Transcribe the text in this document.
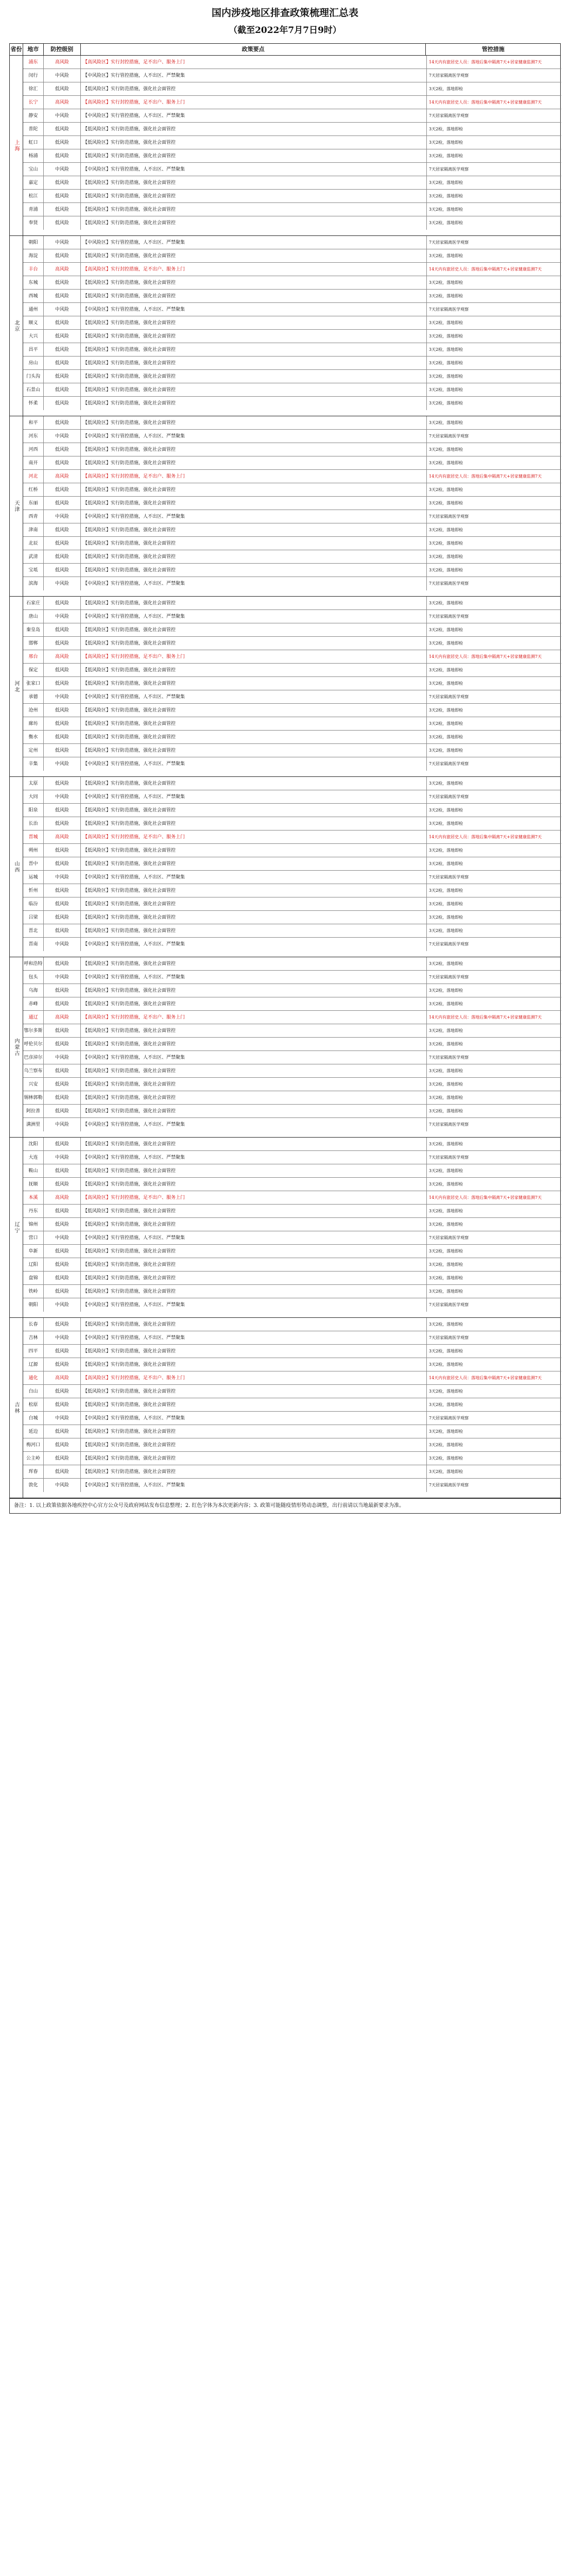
国内涉疫地区排查政策梳理汇总表
（截至2022年7月7日9时）
省份 地市	防控级别	政策要点	管控措施
上海
浦东	高风险	【高风险区】实行封控措施，足不出户、服务上门	14天内有旅居史人员：落地后集中隔离7天+居家健康监测7天
闵行	中风险	【中风险区】实行管控措施，人不出区、严禁聚集	7天居家隔离医学观察
徐汇	低风险	【低风险区】实行防范措施，强化社会面管控	3天2检，落地即检
长宁	高风险	【高风险区】实行封控措施，足不出户、服务上门	14天内有旅居史人员：落地后集中隔离7天+居家健康监测7天
静安	中风险	【中风险区】实行管控措施，人不出区、严禁聚集	7天居家隔离医学观察
普陀	低风险	【低风险区】实行防范措施，强化社会面管控	3天2检，落地即检
虹口	低风险	【低风险区】实行防范措施，强化社会面管控	3天2检，落地即检
杨浦	低风险	【低风险区】实行防范措施，强化社会面管控	3天2检，落地即检
宝山	中风险	【中风险区】实行管控措施，人不出区、严禁聚集	7天居家隔离医学观察
嘉定	低风险	【低风险区】实行防范措施，强化社会面管控	3天2检，落地即检
松江	低风险	【低风险区】实行防范措施，强化社会面管控	3天2检，落地即检
青浦	低风险	【低风险区】实行防范措施，强化社会面管控	3天2检，落地即检
奉贤	低风险	【低风险区】实行防范措施，强化社会面管控	3天2检，落地即检
北京
朝阳	中风险	【中风险区】实行管控措施，人不出区、严禁聚集	7天居家隔离医学观察
海淀	低风险	【低风险区】实行防范措施，强化社会面管控	3天2检，落地即检
丰台	高风险	【高风险区】实行封控措施，足不出户、服务上门	14天内有旅居史人员：落地后集中隔离7天+居家健康监测7天
东城	低风险	【低风险区】实行防范措施，强化社会面管控	3天2检，落地即检
西城	低风险	【低风险区】实行防范措施，强化社会面管控	3天2检，落地即检
通州	中风险	【中风险区】实行管控措施，人不出区、严禁聚集	7天居家隔离医学观察
顺义	低风险	【低风险区】实行防范措施，强化社会面管控	3天2检，落地即检
大兴	低风险	【低风险区】实行防范措施，强化社会面管控	3天2检，落地即检
昌平	低风险	【低风险区】实行防范措施，强化社会面管控	3天2检，落地即检
房山	低风险	【低风险区】实行防范措施，强化社会面管控	3天2检，落地即检
门头沟	低风险	【低风险区】实行防范措施，强化社会面管控	3天2检，落地即检
石景山	低风险	【低风险区】实行防范措施，强化社会面管控	3天2检，落地即检
怀柔	低风险	【低风险区】实行防范措施，强化社会面管控	3天2检，落地即检
天津
和平	低风险	【低风险区】实行防范措施，强化社会面管控	3天2检，落地即检
河东	中风险	【中风险区】实行管控措施，人不出区、严禁聚集	7天居家隔离医学观察
河西	低风险	【低风险区】实行防范措施，强化社会面管控	3天2检，落地即检
南开	低风险	【低风险区】实行防范措施，强化社会面管控	3天2检，落地即检
河北	高风险	【高风险区】实行封控措施，足不出户、服务上门	14天内有旅居史人员：落地后集中隔离7天+居家健康监测7天
红桥	低风险	【低风险区】实行防范措施，强化社会面管控	3天2检，落地即检
东丽	低风险	【低风险区】实行防范措施，强化社会面管控	3天2检，落地即检
西青	中风险	【中风险区】实行管控措施，人不出区、严禁聚集	7天居家隔离医学观察
津南	低风险	【低风险区】实行防范措施，强化社会面管控	3天2检，落地即检
北辰	低风险	【低风险区】实行防范措施，强化社会面管控	3天2检，落地即检
武清	低风险	【低风险区】实行防范措施，强化社会面管控	3天2检，落地即检
宝坻	低风险	【低风险区】实行防范措施，强化社会面管控	3天2检，落地即检
滨海	中风险	【中风险区】实行管控措施，人不出区、严禁聚集	7天居家隔离医学观察
河北
石家庄	低风险	【低风险区】实行防范措施，强化社会面管控	3天2检，落地即检
唐山	中风险	【中风险区】实行管控措施，人不出区、严禁聚集	7天居家隔离医学观察
秦皇岛	低风险	【低风险区】实行防范措施，强化社会面管控	3天2检，落地即检
邯郸	低风险	【低风险区】实行防范措施，强化社会面管控	3天2检，落地即检
邢台	高风险	【高风险区】实行封控措施，足不出户、服务上门	14天内有旅居史人员：落地后集中隔离7天+居家健康监测7天
保定	低风险	【低风险区】实行防范措施，强化社会面管控	3天2检，落地即检
张家口	低风险	【低风险区】实行防范措施，强化社会面管控	3天2检，落地即检
承德	中风险	【中风险区】实行管控措施，人不出区、严禁聚集	7天居家隔离医学观察
沧州	低风险	【低风险区】实行防范措施，强化社会面管控	3天2检，落地即检
廊坊	低风险	【低风险区】实行防范措施，强化社会面管控	3天2检，落地即检
衡水	低风险	【低风险区】实行防范措施，强化社会面管控	3天2检，落地即检
定州	低风险	【低风险区】实行防范措施，强化社会面管控	3天2检，落地即检
辛集	中风险	【中风险区】实行管控措施，人不出区、严禁聚集	7天居家隔离医学观察
山西
太原	低风险	【低风险区】实行防范措施，强化社会面管控	3天2检，落地即检
大同	中风险	【中风险区】实行管控措施，人不出区、严禁聚集	7天居家隔离医学观察
阳泉	低风险	【低风险区】实行防范措施，强化社会面管控	3天2检，落地即检
长治	低风险	【低风险区】实行防范措施，强化社会面管控	3天2检，落地即检
晋城	高风险	【高风险区】实行封控措施，足不出户、服务上门	14天内有旅居史人员：落地后集中隔离7天+居家健康监测7天
朔州	低风险	【低风险区】实行防范措施，强化社会面管控	3天2检，落地即检
晋中	低风险	【低风险区】实行防范措施，强化社会面管控	3天2检，落地即检
运城	中风险	【中风险区】实行管控措施，人不出区、严禁聚集	7天居家隔离医学观察
忻州	低风险	【低风险区】实行防范措施，强化社会面管控	3天2检，落地即检
临汾	低风险	【低风险区】实行防范措施，强化社会面管控	3天2检，落地即检
吕梁	低风险	【低风险区】实行防范措施，强化社会面管控	3天2检，落地即检
晋北	低风险	【低风险区】实行防范措施，强化社会面管控	3天2检，落地即检
晋南	中风险	【中风险区】实行管控措施，人不出区、严禁聚集	7天居家隔离医学观察
内蒙古
呼和浩特	低风险	【低风险区】实行防范措施，强化社会面管控	3天2检，落地即检
包头	中风险	【中风险区】实行管控措施，人不出区、严禁聚集	7天居家隔离医学观察
乌海	低风险	【低风险区】实行防范措施，强化社会面管控	3天2检，落地即检
赤峰	低风险	【低风险区】实行防范措施，强化社会面管控	3天2检，落地即检
通辽	高风险	【高风险区】实行封控措施，足不出户、服务上门	14天内有旅居史人员：落地后集中隔离7天+居家健康监测7天
鄂尔多斯	低风险	【低风险区】实行防范措施，强化社会面管控	3天2检，落地即检
呼伦贝尔	低风险	【低风险区】实行防范措施，强化社会面管控	3天2检，落地即检
巴彦淖尔	中风险	【中风险区】实行管控措施，人不出区、严禁聚集	7天居家隔离医学观察
乌兰察布	低风险	【低风险区】实行防范措施，强化社会面管控	3天2检，落地即检
兴安	低风险	【低风险区】实行防范措施，强化社会面管控	3天2检，落地即检
锡林郭勒	低风险	【低风险区】实行防范措施，强化社会面管控	3天2检，落地即检
阿拉善	低风险	【低风险区】实行防范措施，强化社会面管控	3天2检，落地即检
满洲里	中风险	【中风险区】实行管控措施，人不出区、严禁聚集	7天居家隔离医学观察
辽宁
沈阳	低风险	【低风险区】实行防范措施，强化社会面管控	3天2检，落地即检
大连	中风险	【中风险区】实行管控措施，人不出区、严禁聚集	7天居家隔离医学观察
鞍山	低风险	【低风险区】实行防范措施，强化社会面管控	3天2检，落地即检
抚顺	低风险	【低风险区】实行防范措施，强化社会面管控	3天2检，落地即检
本溪	高风险	【高风险区】实行封控措施，足不出户、服务上门	14天内有旅居史人员：落地后集中隔离7天+居家健康监测7天
丹东	低风险	【低风险区】实行防范措施，强化社会面管控	3天2检，落地即检
锦州	低风险	【低风险区】实行防范措施，强化社会面管控	3天2检，落地即检
营口	中风险	【中风险区】实行管控措施，人不出区、严禁聚集	7天居家隔离医学观察
阜新	低风险	【低风险区】实行防范措施，强化社会面管控	3天2检，落地即检
辽阳	低风险	【低风险区】实行防范措施，强化社会面管控	3天2检，落地即检
盘锦	低风险	【低风险区】实行防范措施，强化社会面管控	3天2检，落地即检
铁岭	低风险	【低风险区】实行防范措施，强化社会面管控	3天2检，落地即检
朝阳	中风险	【中风险区】实行管控措施，人不出区、严禁聚集	7天居家隔离医学观察
吉林
长春	低风险	【低风险区】实行防范措施，强化社会面管控	3天2检，落地即检
吉林	中风险	【中风险区】实行管控措施，人不出区、严禁聚集	7天居家隔离医学观察
四平	低风险	【低风险区】实行防范措施，强化社会面管控	3天2检，落地即检
辽源	低风险	【低风险区】实行防范措施，强化社会面管控	3天2检，落地即检
通化	高风险	【高风险区】实行封控措施，足不出户、服务上门	14天内有旅居史人员：落地后集中隔离7天+居家健康监测7天
白山	低风险	【低风险区】实行防范措施，强化社会面管控	3天2检，落地即检
松原	低风险	【低风险区】实行防范措施，强化社会面管控	3天2检，落地即检
白城	中风险	【中风险区】实行管控措施，人不出区、严禁聚集	7天居家隔离医学观察
延边	低风险	【低风险区】实行防范措施，强化社会面管控	3天2检，落地即检
梅河口	低风险	【低风险区】实行防范措施，强化社会面管控	3天2检，落地即检
公主岭	低风险	【低风险区】实行防范措施，强化社会面管控	3天2检，落地即检
珲春	低风险	【低风险区】实行防范措施，强化社会面管控	3天2检，落地即检
敦化	中风险	【中风险区】实行管控措施，人不出区、严禁聚集	7天居家隔离医学观察
备注：1. 以上政策依据各地疾控中心官方公众号及政府网站发布信息整理；2. 红色字体为本次更新内容；3. 政策可能随疫情形势动态调整，出行前请以当地最新要求为准。
